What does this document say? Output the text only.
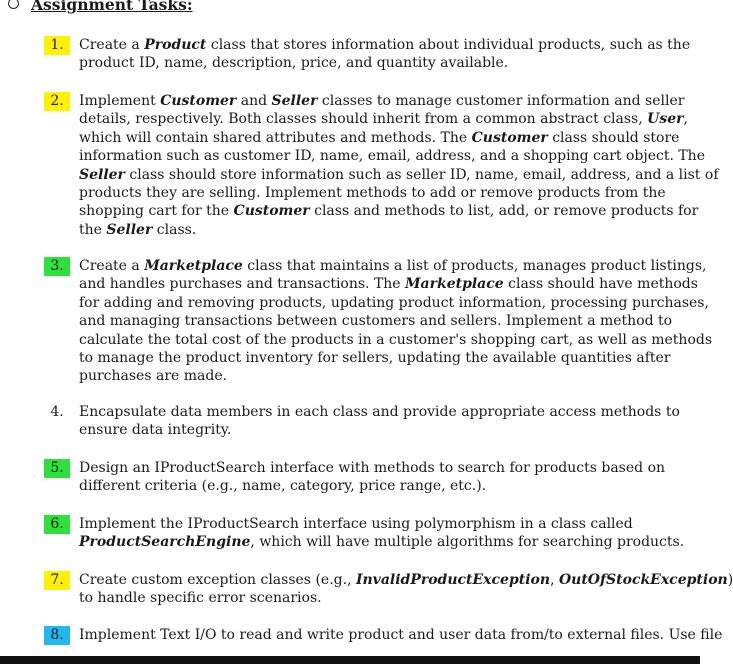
Assignment Tasks:
1.	Create a Product class that stores information about individual products, such as the
product ID, name, description, price, and quantity available.
2.	Implement Customer and Seller classes to manage customer information and seller
details, respectively. Both classes should inherit from a common abstract class, User,
which will contain shared attributes and methods. The Customer class should store
information such as customer ID, name, email, address, and a shopping cart object. The
Seller class should store information such as seller ID, name, email, address, and a list of
products they are selling. Implement methods to add or remove products from the
shopping cart for the Customer class and methods to list, add, or remove products for
the Seller class.
3.	Create a Marketplace class that maintains a list of products, manages product listings,
and handles purchases and transactions. The Marketplace class should have methods
for adding and removing products, updating product information, processing purchases,
and managing transactions between customers and sellers. Implement a method to
calculate the total cost of the products in a customer's shopping cart, as well as methods
to manage the product inventory for sellers, updating the available quantities after
purchases are made.
4.	Encapsulate data members in each class and provide appropriate access methods to
ensure data integrity.
5.	Design an IProductSearch interface with methods to search for products based on
different criteria (e.g., name, category, price range, etc.).
6.	Implement the IProductSearch interface using polymorphism in a class called
ProductSearchEngine, which will have multiple algorithms for searching products.
7.	Create custom exception classes (e.g., InvalidProductException, OutOfStockException)
to handle specific error scenarios.
8.	Implement Text I/O to read and write product and user data from/to external files. Use file
